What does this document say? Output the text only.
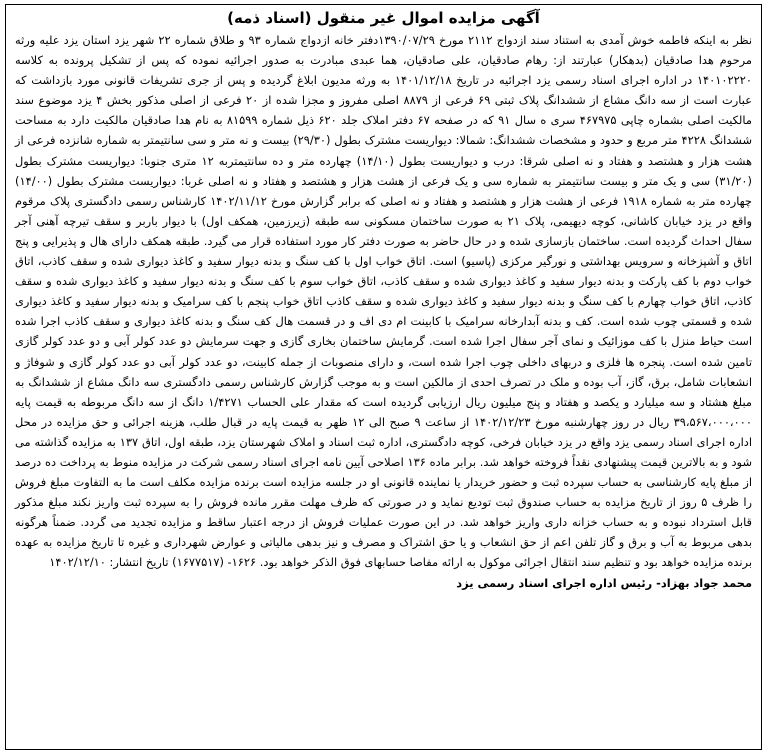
آگهی مزایده اموال غیر منقول (اسناد ذمه)

نظر به اینکه فاطمه خوش آمدی به استناد سند ازدواج ۲۱۱۲ مورخ ۱۳۹۰/۰۷/۲۹دفتر خانه ازدواج شماره ۹۳ و طلاق شماره ۲۲ شهر یزد استان یزد علیه ورثه مرحوم هدا صادقیان (بدهکار) عبارتند از: رهام صادقیان، علی صادقیان، هما عبدی مبادرت به صدور اجرائیه نموده که پس از تشکیل پرونده به کلاسه ۱۴۰۱۰۲۲۲۰ در اداره اجرای اسناد رسمی یزد اجرائیه در تاریخ ۱۴۰۱/۱۲/۱۸ به ورثه مدیون ابلاغ گردیده و پس از جری تشریفات قانونی مورد بازداشت که عبارت است از سه دانگ مشاع از ششدانگ پلاک ثبتی ۶۹ فرعی از ۸۸۷۹ اصلی مفروز و مجزا شده از ۲۰ فرعی از اصلی مذکور بخش ۴ یزد موضوع سند مالکیت اصلی بشماره چاپی ۴۶۷۹۷۵ سری ه سال ۹۱ که در صفحه ۶۷ دفتر املاک جلد ۶۲۰ ذیل شماره ۸۱۵۹۹ به نام هدا صادقیان مالکیت دارد به مساحت ششدانگ ۴۲۲۸ متر مربع و حدود و مشخصات ششدانگ: شمالا: دیواریست مشترک بطول (۲۹/۳۰) بیست و نه متر و سی سانتیمتر به شماره شانزده فرعی از هشت هزار و هشتصد و هفتاد و نه اصلی شرقا: درب و دیواریست بطول (۱۴/۱۰) چهارده متر و ده سانتیمتربه ۱۲ متری جنوبا: دیواریست مشترک بطول (۳۱/۲۰) سی و یک متر و بیست سانتیمتر به شماره سی و یک فرعی از هشت هزار و هشتصد و هفتاد و نه اصلی غربا: دیواریست مشترک بطول (۱۴/۰۰) چهارده متر به شماره ۱۹۱۸ فرعی از هشت هزار و هشتصد و هفتاد و نه اصلی که برابر گزارش مورخ ۱۴۰۲/۱۱/۱۲ کارشناس رسمی دادگستری پلاک مرقوم واقع در یزد خیابان کاشانی، کوچه دیهیمی، پلاک ۲۱ به صورت ساختمان مسکونی سه طبقه (زیرزمین، همکف اول) با دیوار باربر و سقف تیرچه آهنی آجر سفال احداث گردیده است. ساختمان بازسازی شده و در حال حاضر به صورت دفتر کار مورد استفاده قرار می گیرد. طبقه همکف دارای هال و پذیرایی و پنج اتاق و آشپزخانه و سرویس بهداشتی و نورگیر مرکزی (پاسیو) است. اتاق خواب اول با کف سنگ و بدنه دیوار سفید و کاغذ دیواری شده و سقف کاذب، اتاق خواب دوم با کف پارکت و بدنه دیوار سفید و کاغذ دیواری شده و سقف کاذب، اتاق خواب سوم با کف سنگ و بدنه دیوار سفید و کاغذ دیواری شده و سقف کاذب، اتاق خواب چهارم با کف سنگ و بدنه دیوار سفید و کاغذ دیواری شده و سقف کاذب اتاق خواب پنجم با کف سرامیک و بدنه دیوار سفید و کاغذ دیواری شده و قسمتی چوب شده است. کف و بدنه آبدارخانه سرامیک با کابینت ام دی اف و در قسمت هال کف سنگ و بدنه کاغذ دیواری و سقف کاذب اجرا شده است حیاط منزل با کف موزائیک و نمای آجر سفال اجرا شده است. گرمایش ساختمان بخاری گازی و جهت سرمایش دو عدد کولر آبی و دو عدد کولر گازی تامین شده است. پنجره ها فلزی و دربهای داخلی چوب اجرا شده است، و دارای منصوبات از جمله کابینت، دو عدد کولر آبی دو عدد کولر گازی و شوفاژ و انشعابات شامل، برق، گاز، آب بوده و ملک در تصرف احدی از مالکین است و به موجب گزارش کارشناس رسمی دادگستری سه دانگ مشاع از ششدانگ به مبلغ هشتاد و سه میلیارد و یکصد و هفتاد و پنج میلیون ریال ارزیابی گردیده است که مقدار علی الحساب ۱/۴۲۷۱ دانگ از سه دانگ مربوطه به قیمت پایه ۳۹،۵۶۷،۰۰۰،۰۰۰ ریال در روز چهارشنبه مورخ ۱۴۰۲/۱۲/۲۳ از ساعت ۹ صبح الی ۱۲ ظهر به قیمت پایه در قبال طلب، هزینه اجرائی و حق مزایده در محل اداره اجرای اسناد رسمی یزد واقع در یزد خیابان فرخی، کوچه دادگستری، اداره ثبت اسناد و املاک شهرستان یزد، طبقه اول، اتاق ۱۳۷ به مزایده گذاشته می شود و به بالاترین قیمت پیشنهادی نقداً فروخته خواهد شد. برابر ماده ۱۳۶ اصلاحی آیین نامه اجرای اسناد رسمی شرکت در مزایده منوط به پرداخت ده درصد از مبلغ پایه کارشناسی به حساب سپرده ثبت و حضور خریدار یا نماینده قانونی او در جلسه مزایده است برنده مزایده مکلف است ما به التفاوت مبلغ فروش را ظرف ۵ روز از تاریخ مزایده به حساب صندوق ثبت تودیع نماید و در صورتی که ظرف مهلت مقرر مانده فروش را به سپرده ثبت واریز نکند مبلغ مذکور قابل استرداد نبوده و به حساب خزانه داری واریز خواهد شد. در این صورت عملیات فروش از درجه اعتبار ساقط و مزایده تجدید می گردد. ضمناً هرگونه بدهی مربوط به آب و برق و گاز تلفن اعم از حق انشعاب و یا حق اشتراک و مصرف و نیز بدهی مالیاتی و عوارض شهرداری و غیره تا تاریخ مزایده به عهده برنده مزایده خواهد بود و تنظیم سند انتقال اجرائی موکول به ارائه مفاصا حسابهای فوق الذکر خواهد بود. ۱۶۲۶- (۱۶۷۷۵۱۷) تاریخ انتشار: ۱۴۰۲/۱۲/۱۰

محمد جواد بهزاد- رئیس اداره اجرای اسناد رسمی یزد
